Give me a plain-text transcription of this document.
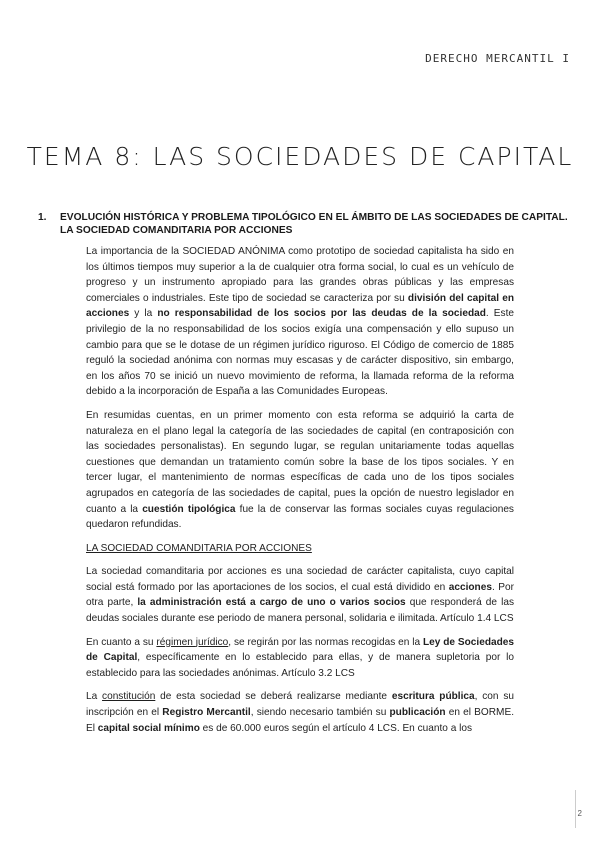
DERECHO MERCANTIL I
TEMA 8: LAS SOCIEDADES DE CAPITAL
1. EVOLUCIÓN HISTÓRICA Y PROBLEMA TIPOLÓGICO EN EL ÁMBITO DE LAS SOCIEDADES DE CAPITAL. LA SOCIEDAD COMANDITARIA POR ACCIONES

La importancia de la SOCIEDAD ANÓNIMA como prototipo de sociedad capitalista ha sido en los últimos tiempos muy superior a la de cualquier otra forma social, lo cual es un vehículo de progreso y un instrumento apropiado para las grandes obras públicas y las empresas comerciales o industriales. Este tipo de sociedad se caracteriza por su división del capital en acciones y la no responsabilidad de los socios por las deudas de la sociedad. Este privilegio de la no responsabilidad de los socios exigía una compensación y ello supuso un cambio para que se le dotase de un régimen jurídico riguroso. El Código de comercio de 1885 reguló la sociedad anónima con normas muy escasas y de carácter dispositivo, sin embargo, en los años 70 se inició un nuevo movimiento de reforma, la llamada reforma de la reforma debido a la incorporación de España a las Comunidades Europeas.

En resumidas cuentas, en un primer momento con esta reforma se adquirió la carta de naturaleza en el plano legal la categoría de las sociedades de capital (en contraposición con las sociedades personalistas). En segundo lugar, se regulan unitariamente todas aquellas cuestiones que demandan un tratamiento común sobre la base de los tipos sociales. Y en tercer lugar, el mantenimiento de normas específicas de cada uno de los tipos sociales agrupados en categoría de las sociedades de capital, pues la opción de nuestro legislador en cuanto a la cuestión tipológica fue la de conservar las formas sociales cuyas regulaciones quedaron refundidas.

LA SOCIEDAD COMANDITARIA POR ACCIONES

La sociedad comanditaria por acciones es una sociedad de carácter capitalista, cuyo capital social está formado por las aportaciones de los socios, el cual está dividido en acciones. Por otra parte, la administración está a cargo de uno o varios socios que responderá de las deudas sociales durante ese periodo de manera personal, solidaria e ilimitada. Artículo 1.4 LCS

En cuanto a su régimen jurídico, se regirán por las normas recogidas en la Ley de Sociedades de Capital, específicamente en lo establecido para ellas, y de manera supletoria por lo establecido para las sociedades anónimas. Artículo 3.2 LCS

La constitución de esta sociedad se deberá realizarse mediante escritura pública, con su inscripción en el Registro Mercantil, siendo necesario también su publicación en el BORME. El capital social mínimo es de 60.000 euros según el artículo 4 LCS. En cuanto a los

2
